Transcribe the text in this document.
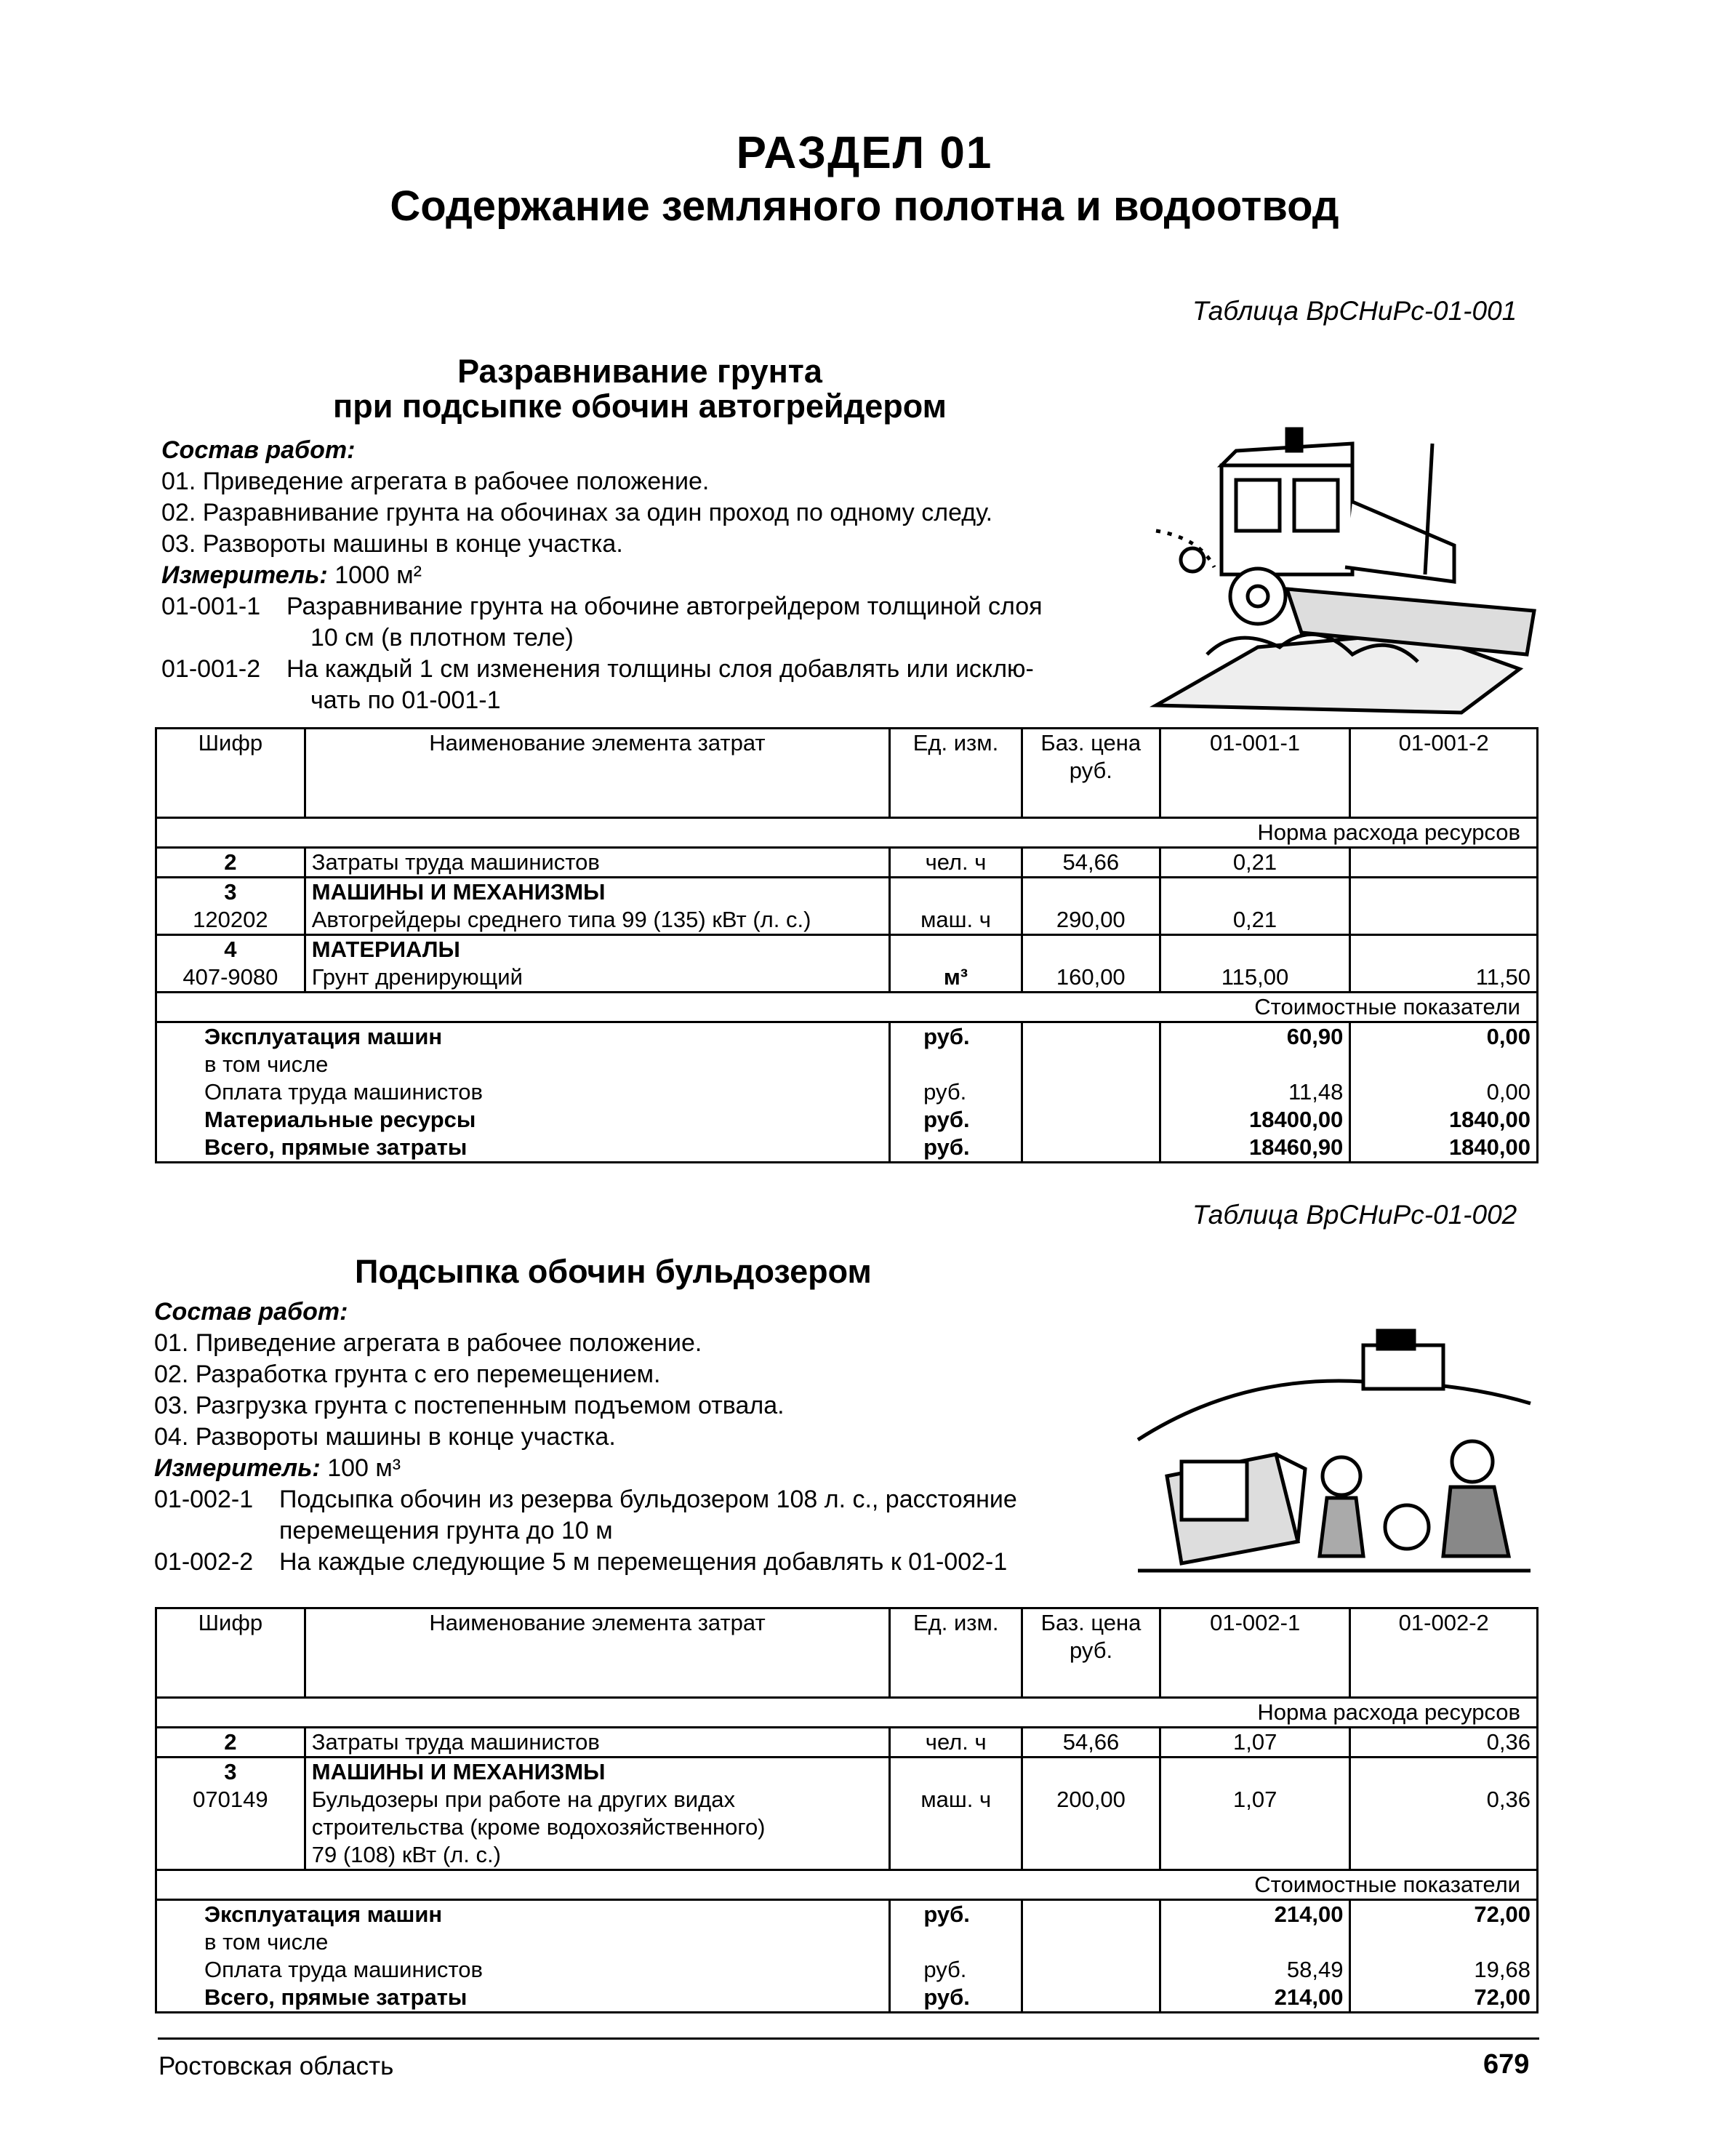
РАЗДЕЛ 01
Содержание земляного полотна и водоотвод
Таблица ВрСНиРс-01-001
Разравнивание грунта
при подсыпке обочин автогрейдером
Состав работ:
01. Приведение агрегата в рабочее положение.
02. Разравнивание грунта на обочинах за один проход по одному следу.
03. Развороты машины в конце участка.
Измеритель: 1000 м²
01-001-1 Разравнивание грунта на обочине автогрейдером толщиной слоя
10 см (в плотном теле)
01-001-2 На каждый 1 см изменения толщины слоя добавлять или исклю-
чать по 01-001-1
Шифр	Наименование элемента затрат	Ед. изм.	Баз. цена руб.	01-001-1	01-001-2
Норма расхода ресурсов					
2	Затраты труда машинистов	чел. ч	54,66	0,21	
3	МАШИНЫ И МЕХАНИЗМЫ				
120202	Автогрейдеры среднего типа 99 (135) кВт (л. с.)	маш. ч	290,00	0,21	
4	МАТЕРИАЛЫ				
407-9080	Грунт дренирующий	м³	160,00	115,00	11,50
Стоимостные показатели					
Эксплуатация машин		руб.		60,90	0,00
в том числе					
Оплата труда машинистов		руб.		11,48	0,00
Материальные ресурсы		руб.		18400,00	1840,00
Всего, прямые затраты		руб.		18460,90	1840,00
Таблица ВрСНиРс-01-002
Подсыпка обочин бульдозером
Состав работ:
01. Приведение агрегата в рабочее положение.
02. Разработка грунта с его перемещением.
03. Разгрузка грунта с постепенным подъемом отвала.
04. Развороты машины в конце участка.
Измеритель: 100 м³
01-002-1 Подсыпка обочин из резерва бульдозером 108 л. с., расстояние
перемещения грунта до 10 м
01-002-2 На каждые следующие 5 м перемещения добавлять к 01-002-1
Шифр	Наименование элемента затрат	Ед. изм.	Баз. цена руб.	01-002-1	01-002-2
Норма расхода ресурсов					
2	Затраты труда машинистов	чел. ч	54,66	1,07	0,36
3	МАШИНЫ И МЕХАНИЗМЫ				
070149	Бульдозеры при работе на других видах
строительства (кроме водохозяйственного)
79 (108) кВт (л. с.)	маш. ч	200,00	1,07	0,36
Стоимостные показатели					
Эксплуатация машин		руб.		214,00	72,00
в том числе					
Оплата труда машинистов		руб.		58,49	19,68
Всего, прямые затраты		руб.		214,00	72,00
Ростовская область	679
